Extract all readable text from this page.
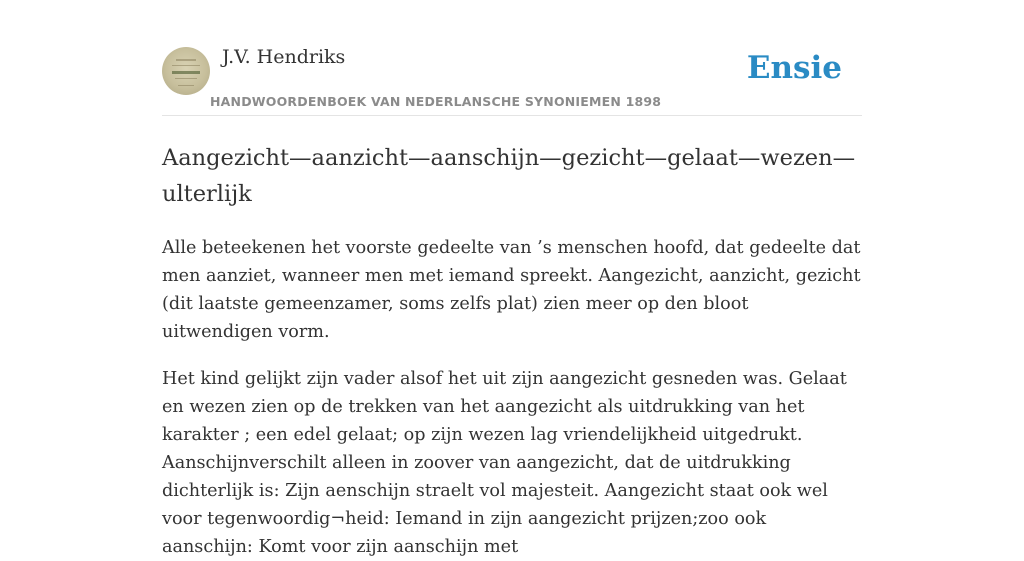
J.V. Hendriks
HANDWOORDENBOEK VAN NEDERLANSCHE SYNONIEMEN 1898
Ensie
Aangezicht—aanzicht—aanschijn—gezicht—gelaat—wezen—ulterlijk

Alle beteekenen het voorste gedeelte van ’s menschen hoofd, dat gedeelte dat men aanziet, wanneer men met iemand spreekt. Aangezicht, aanzicht, gezicht (dit laatste gemeenzamer, soms zelfs plat) zien meer op den bloot uitwendigen vorm.

Het kind gelijkt zijn vader alsof het uit zijn aangezicht gesneden was. Gelaat en wezen zien op de trekken van het aangezicht als uitdrukking van het karakter ; een edel gelaat; op zijn wezen lag vriendelijkheid uitgedrukt. Aanschijnverschilt alleen in zoover van aangezicht, dat de uitdrukking dichterlijk is: Zijn aenschijn straelt vol majesteit. Aangezicht staat ook wel voor tegenwoordig¬heid: Iemand in zijn aangezicht prijzen;zoo ook aanschijn: Komt voor zijn aanschijn met
